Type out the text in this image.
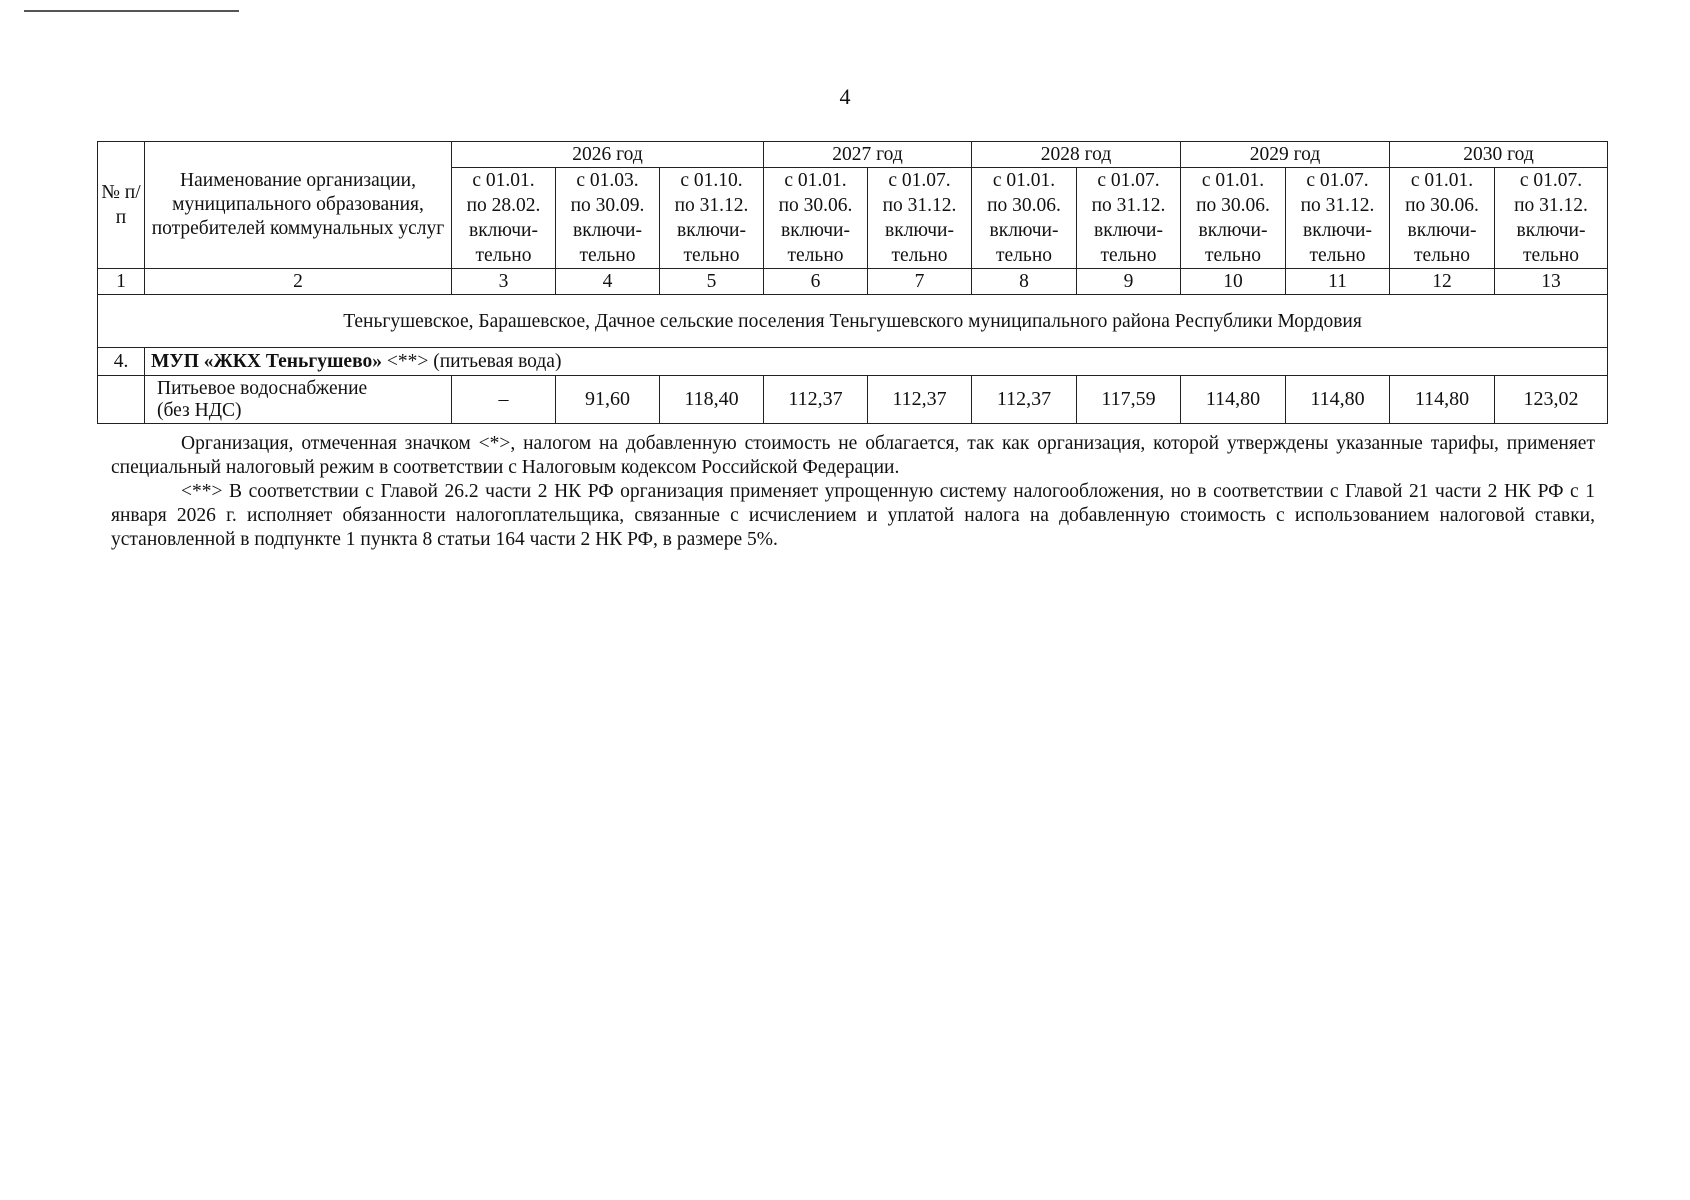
4
№ п/п	Наименование организации, муниципального образования, потребителей коммунальных услуг	2026 год			2027 год		2028 год		2029 год		2030 год	

		с 01.01.
по 28.02.
включи-
тельно	с 01.03.
по 30.09.
включи-
тельно	с 01.10.
по 31.12.
включи-
тельно	с 01.01.
по 30.06.
включи-
тельно	с 01.07.
по 31.12.
включи-
тельно	с 01.01.
по 30.06.
включи-
тельно	с 01.07.
по 31.12.
включи-
тельно	с 01.01.
по 30.06.
включи-
тельно	с 01.07.
по 31.12.
включи-
тельно	с 01.01.
по 30.06.
включи-
тельно	с 01.07.
по 31.12.
включи-
тельно

1	2	3	4	5	6	7	8	9	10	11	12	13
Теньгушевское, Барашевское, Дачное сельские поселения Теньгушевского муниципального района Республики Мордовия												
4.	МУП «ЖКХ Теньгушево» <**> (питьевая вода)											

	Питьевое водоснабжение
(без НДС)	–	91,60	118,40	112,37	112,37	112,37	117,59	114,80	114,80	114,80	123,02

Организация, отмеченная значком <*>, налогом на добавленную стоимость не облагается, так как организация, которой утверждены указанные тарифы, применяет специальный налоговый режим в соответствии с Налоговым кодексом Российской Федерации.

<**> В соответствии с Главой 26.2 части 2 НК РФ организация применяет упрощенную систему налогообложения, но в соответствии с Главой 21 части 2 НК РФ с 1 января 2026 г. исполняет обязанности налогоплательщика, связанные с исчислением и уплатой налога на добавленную стоимость с использованием налоговой ставки, установленной в подпункте 1 пункта 8 статьи 164 части 2 НК РФ, в размере 5%.
